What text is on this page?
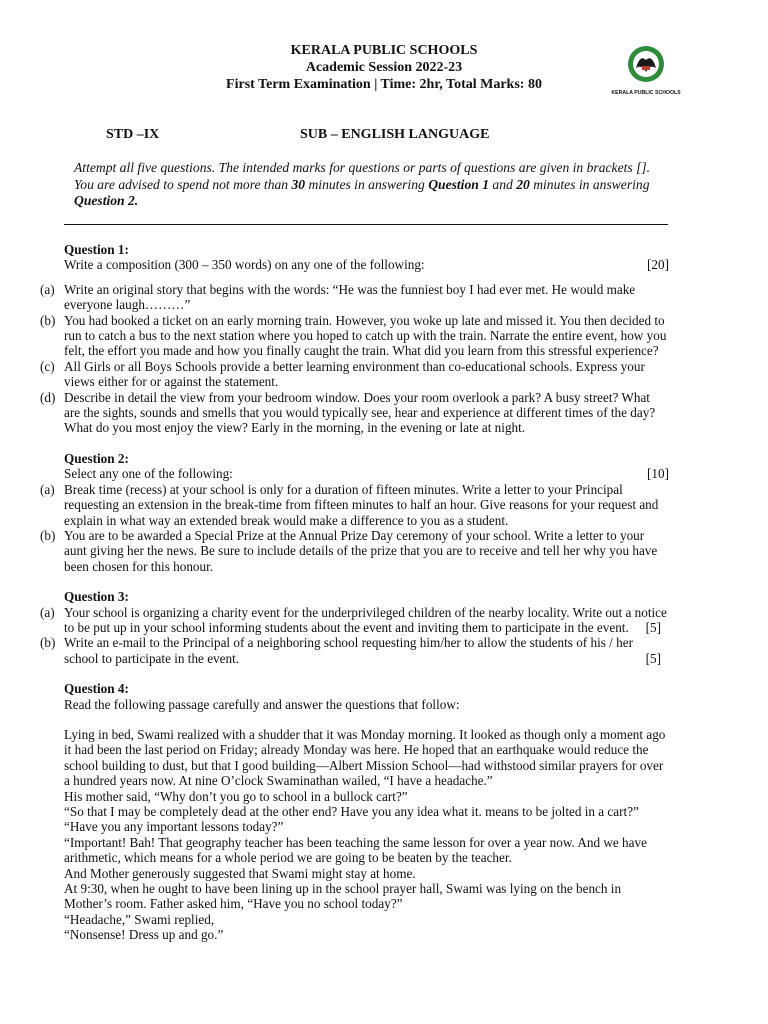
KERALA PUBLIC SCHOOLS
Academic Session 2022-23
First Term Examination | Time: 2hr, Total Marks: 80
KERALA PUBLIC SCHOOLS
STD –IX	SUB – ENGLISH LANGUAGE
Attempt all five questions. The intended marks for questions or parts of questions are given in brackets []. You are advised to spend not more than 30 minutes in answering Question 1 and 20 minutes in answering Question 2.
Question 1:
Write a composition (300 – 350 words) on any one of the following:	[20]
(a) Write an original story that begins with the words: “He was the funniest boy I had ever met. He would make everyone laugh………”
(b) You had booked a ticket on an early morning train. However, you woke up late and missed it. You then decided to run to catch a bus to the next station where you hoped to catch up with the train. Narrate the entire event, how you felt, the effort you made and how you finally caught the train. What did you learn from this stressful experience?
(c) All Girls or all Boys Schools provide a better learning environment than co-educational schools. Express your views either for or against the statement.
(d) Describe in detail the view from your bedroom window. Does your room overlook a park? A busy street? What are the sights, sounds and smells that you would typically see, hear and experience at different times of the day? What do you most enjoy the view? Early in the morning, in the evening or late at night.
Question 2:
Select any one of the following:	[10]
(a) Break time (recess) at your school is only for a duration of fifteen minutes. Write a letter to your Principal requesting an extension in the break-time from fifteen minutes to half an hour. Give reasons for your request and explain in what way an extended break would make a difference to you as a student.
(b) You are to be awarded a Special Prize at the Annual Prize Day ceremony of your school. Write a letter to your aunt giving her the news. Be sure to include details of the prize that you are to receive and tell her why you have been chosen for this honour.
Question 3:
(a) Your school is organizing a charity event for the underprivileged children of the nearby locality. Write out a notice to be put up in your school informing students about the event and inviting them to participate in the event. [5]
(b) Write an e-mail to the Principal of a neighboring school requesting him/her to allow the students of his / her school to participate in the event.	[5]
Question 4:
Read the following passage carefully and answer the questions that follow:
Lying in bed, Swami realized with a shudder that it was Monday morning. It looked as though only a moment ago it had been the last period on Friday; already Monday was here. He hoped that an earthquake would reduce the school building to dust, but that I good building—Albert Mission School—had withstood similar prayers for over a hundred years now. At nine O’clock Swaminathan wailed, “I have a headache.”
His mother said, “Why don’t you go to school in a bullock cart?”
“So that I may be completely dead at the other end? Have you any idea what it. means to be jolted in a cart?”
“Have you any important lessons today?”
“Important! Bah! That geography teacher has been teaching the same lesson for over a year now. And we have arithmetic, which means for a whole period we are going to be beaten by the teacher.
And Mother generously suggested that Swami might stay at home.
At 9:30, when he ought to have been lining up in the school prayer hall, Swami was lying on the bench in Mother’s room. Father asked him, “Have you no school today?”
“Headache,” Swami replied,
“Nonsense! Dress up and go.”
